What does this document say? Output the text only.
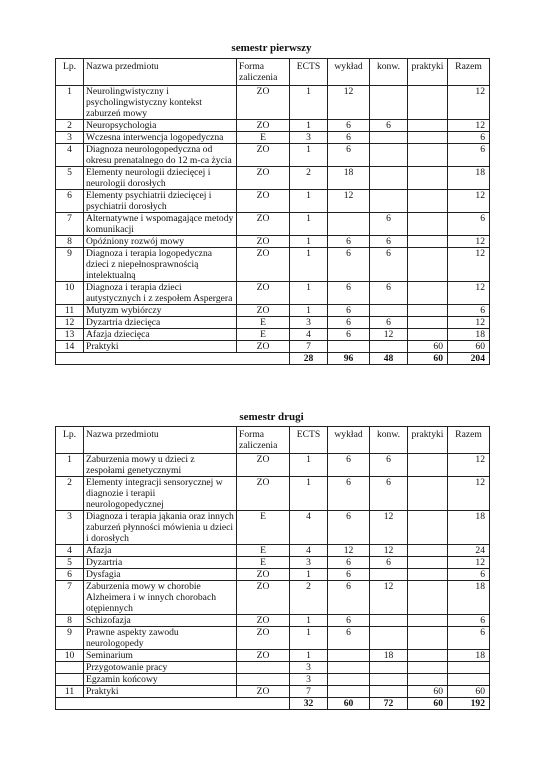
semestr pierwszy
Lp.	Nazwa przedmiotu	Forma zaliczenia	ECTS	wykład	konw.	praktyki	Razem
1	Neurolingwistyczny i psycholingwistyczny kontekst zaburzeń mowy	ZO	1	12			12
2	Neuropsychologia	ZO	1	6	6		12
3	Wczesna interwencja logopedyczna	E	3	6			6
4	Diagnoza neurologopedyczna od okresu prenatalnego do 12 m-ca życia	ZO	1	6			6
5	Elementy neurologii dziecięcej i neurologii dorosłych	ZO	2	18			18
6	Elementy psychiatrii dziecięcej i psychiatrii dorosłych	ZO	1	12			12
7	Alternatywne i wspomagające metody komunikacji	ZO	1		6		6
8	Opóźniony rozwój mowy	ZO	1	6	6		12
9	Diagnoza i terapia logopedyczna dzieci z niepełnosprawnością intelektualną	ZO	1	6	6		12
10	Diagnoza i terapia dzieci autystycznych i z zespołem Aspergera	ZO	1	6	6		12
11	Mutyzm wybiórczy	ZO	1	6			6
12	Dyzartria dziecięca	E	3	6	6		12
13	Afazja dziecięca	E	4	6	12		18
14	Praktyki	ZO	7			60	60
			28	96	48	60	204
semestr drugi
Lp.	Nazwa przedmiotu	Forma zaliczenia	ECTS	wykład	konw.	praktyki	Razem
1	Zaburzenia mowy u dzieci z zespołami genetycznymi	ZO	1	6	6		12
2	Elementy integracji sensorycznej w diagnozie i terapii neurologopedycznej	ZO	1	6	6		12
3	Diagnoza i terapia jąkania oraz innych zaburzeń płynności mówienia u dzieci i dorosłych	E	4	6	12		18
4	Afazja	E	4	12	12		24
5	Dyzartria	E	3	6	6		12
6	Dysfagia	ZO	1	6			6
7	Zaburzenia mowy w chorobie Alzheimera i w innych chorobach otępiennych	ZO	2	6	12		18
8	Schizofazja	ZO	1	6			6
9	Prawne aspekty zawodu neurologopedy	ZO	1	6			6
10	Seminarium	ZO	1		18		18
	Przygotowanie pracy		3				
	Egzamin końcowy		3				
11	Praktyki	ZO	7			60	60
			32	60	72	60	192
